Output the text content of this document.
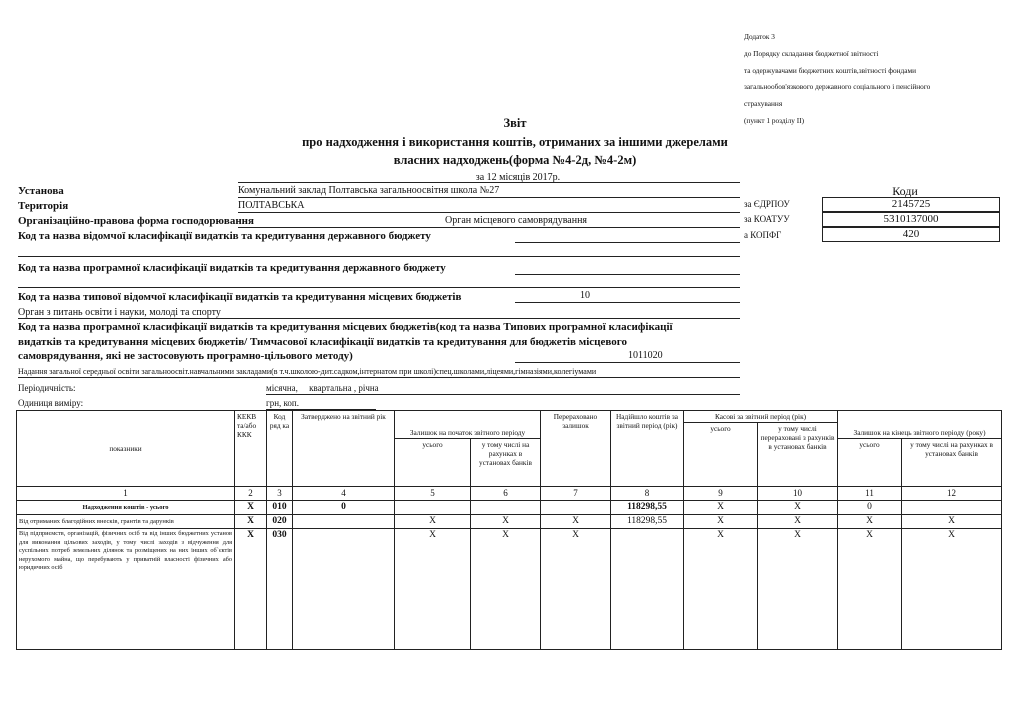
Додаток 3
до Порядку складання бюджетної звітності
та одержувачами бюджетних коштів,звітності фондами
загальнообов'язкового державного соціального і пенсійного
страхування
(пункт 1 розділу II)
Звіт
про надходження і використання коштів, отриманих за іншими джерелами
власних надходжень(форма №4-2д, №4-2м)
за 12 місяців 2017р.
Коди
Установа	Комунальний заклад Полтавська загальноосвітня школа №27
за ЄДРПОУ	2145725
Територія	ПОЛТАВСЬКА
за КОАТУУ	5310137000
Організаційно-правова форма господорювання	Орган місцевого самоврядування
а КОПФГ	420
Код та назва відомчої класифікації видатків та кредитування державного бюджету
Код та назва програмної класифікації видатків та кредитування державного бюджету
Код та назва типової відомчої класифікації видатків та кредитування місцевих бюджетів	10
Орган з питань освіти і науки, молоді та спорту
Код та назва програмної класифікації видатків та кредитування місцевих бюджетів(код та назва Типових програмної класифікації
видатків та кредитування місцевих бюджетів/ Тимчасової класифікації видатків та кредитування для бюджетів місцевого
самоврядування, які не застосовують програмно-цільового методу)	1011020
Надання загальної середньої освіти загальноосвіт.навчальними закладами(в т.ч.школою-дит.садком,інтернатом при школі)спец.школами,ліцеями,гімназіями,колегіумами
Періодичність:	місячна,     квартальна , річна
Одиниця виміру:	грн, коп.
показники	КЕКВ та/або ККК	Код ряд ка	Затверджено на звітний рік	Залишок на початок звітного періоду		Перераховано залишок	Надійшло коштів за звітний період (рік)	Касові за звітний період (рік)		Залишок на кінець звітного періоду (року)	
								усього	у тому числі перераховані з рахунків в установах банків		
				усього	у тому числі на рахунках в установах банків					усього	у тому числі на рахунках в установах банків
1	2	3	4	5	6	7	8	9	10	11	12
Надходження коштів - усього	X	010	0				118298,55	X	X	0	
Від отриманих благодійних внесків, грантів та дарунків	X	020		X	X	X	118298,55	X	X	X	X
Від підприємств, організацій, фізичних осіб та від інших бюджетних установ для виконання цільових заходів, у тому числі заходів з відчуження для суспільних потреб земельних ділянок та розміщених на них інших об`єктів нерухомого майна, що перебувають у приватній власності фізичних або юридичних осіб	X	030		X	X	X		X	X	X	X
